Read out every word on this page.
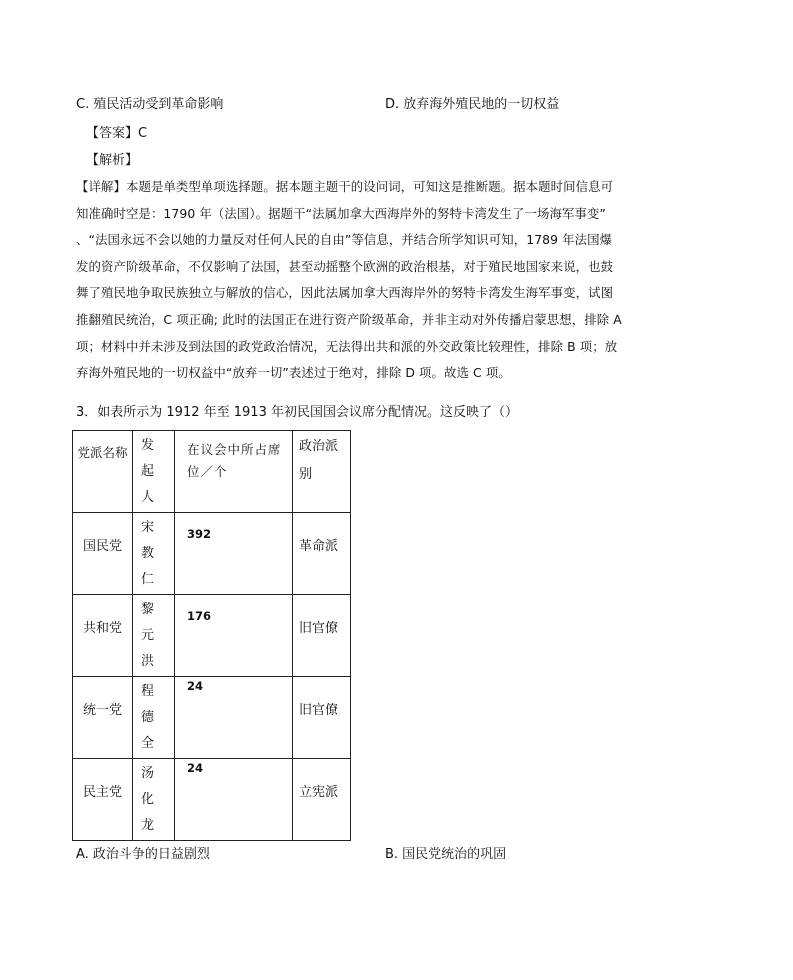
C. 殖民活动受到革命影响	D. 放弃海外殖民地的一切权益
【答案】C
【解析】

【详解】本题是单类型单项选择题。据本题主题干的设问词，可知这是推断题。据本题时间信息可

知准确时空是：1790 年（法国）。据题干“法属加拿大西海岸外的努特卡湾发生了一场海军事变”

、“法国永远不会以她的力量反对任何人民的自由”等信息，并结合所学知识可知，1789 年法国爆

发的资产阶级革命，不仅影响了法国，甚至动摇整个欧洲的政治根基，对于殖民地国家来说，也鼓

舞了殖民地争取民族独立与解放的信心，因此法属加拿大西海岸外的努特卡湾发生海军事变，试图

推翻殖民统治，C 项正确; 此时的法国正在进行资产阶级革命，并非主动对外传播启蒙思想，排除 A

项；材料中并未涉及到法国的政党政治情况，无法得出共和派的外交政策比较理性，排除 B 项；放

弃海外殖民地的一切权益中“放弃一切”表述过于绝对，排除 D 项。故选 C 项。

3．如表所示为 1912 年至 1913 年初民国国会议席分配情况。这反映了（）
党派名称	发起人	在议会中所占席位／个	政治派别

国民党	宋教仁	392	革命派

共和党	黎元洪	176	旧官僚

统一党	程德全	24	旧官僚

民主党	汤化龙	24	立宪派
A. 政治斗争的日益剧烈	B. 国民党统治的巩固
